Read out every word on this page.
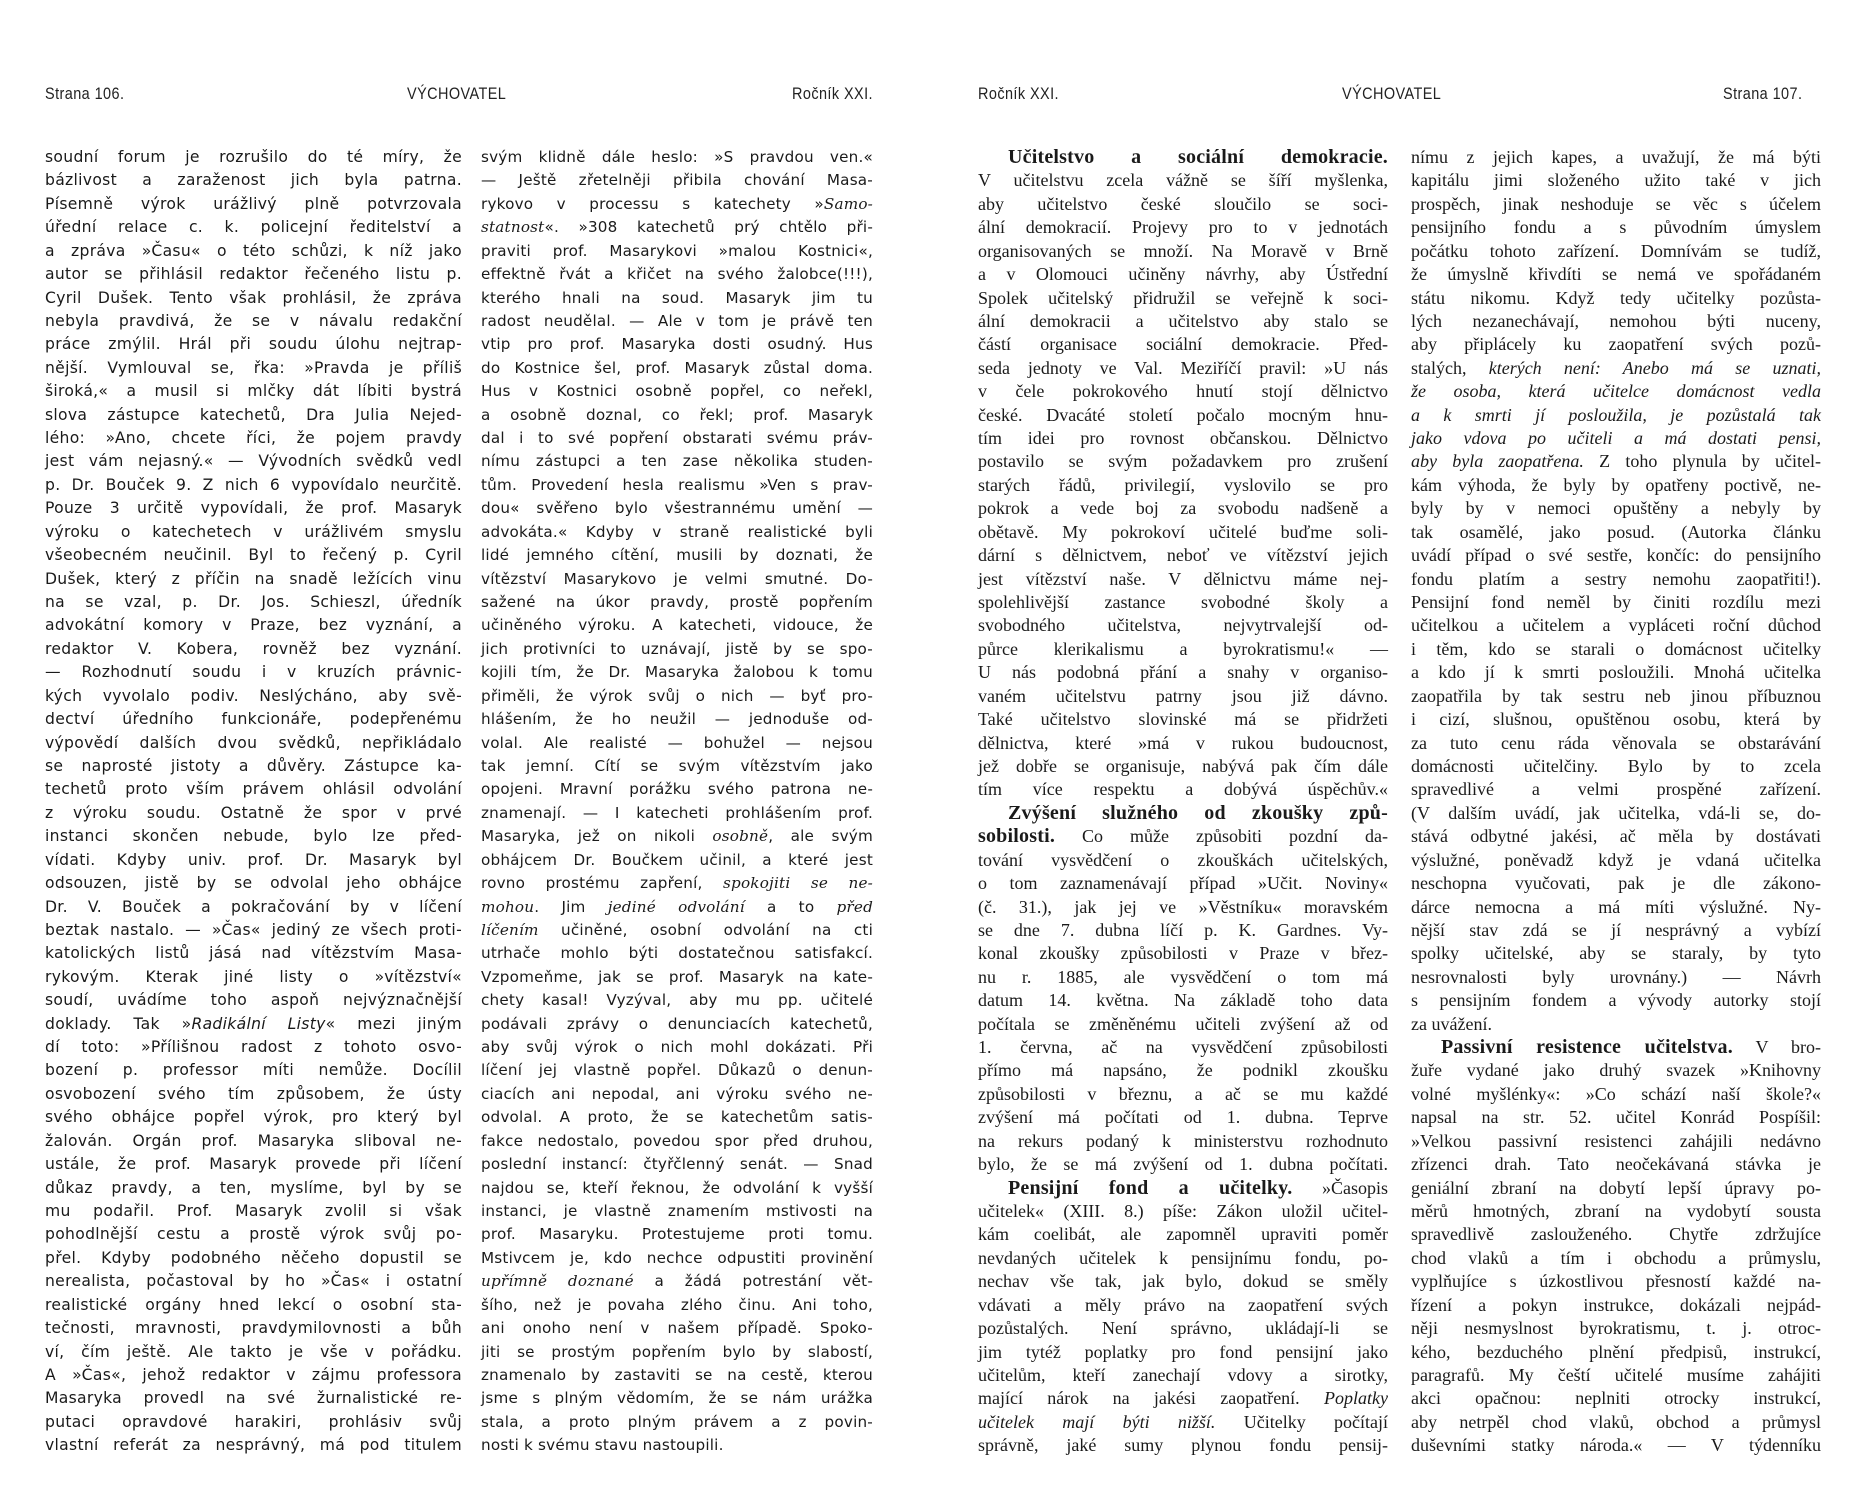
Strana 106.	VÝCHOVATEL	Ročník XXI.
soudní forum je rozrušilo do té míry, že
bázlivost a zaraženost jich byla patrna.
Písemně výrok urážlivý plně potvrzovala
úřední relace c. k. policejní ředitelství a
a zpráva »Času« o této schůzi, k níž jako
autor se přihlásil redaktor řečeného listu p.
Cyril Dušek. Tento však prohlásil, že zpráva
nebyla pravdivá, že se v návalu redakční
práce zmýlil. Hrál při soudu úlohu nejtrap-
nější. Vymlouval se, řka: »Pravda je příliš
široká,« a musil si mlčky dát líbiti bystrá
slova zástupce katechetů, Dra Julia Nejed-
lého: »Ano, chcete říci, že pojem pravdy
jest vám nejasný.« — Vývodních svědků vedl
p. Dr. Bouček 9. Z nich 6 vypovídalo neurčitě.
Pouze 3 určitě vypovídali, že prof. Masaryk
výroku o katechetech v urážlivém smyslu
všeobecném neučinil. Byl to řečený p. Cyril
Dušek, který z příčin na snadě ležících vinu
na se vzal, p. Dr. Jos. Schieszl, úředník
advokátní komory v Praze, bez vyznání, a
redaktor V. Kobera, rovněž bez vyznání.
— Rozhodnutí soudu i v kruzích právnic-
kých vyvolalo podiv. Neslýcháno, aby svě-
dectví úředního funkcionáře, podepřenému
výpovědí dalších dvou svědků, nepřikládalo
se naprosté jistoty a důvěry. Zástupce ka-
techetů proto vším právem ohlásil odvolání
z výroku soudu. Ostatně že spor v prvé
instanci skončen nebude, bylo lze před-
vídati. Kdyby univ. prof. Dr. Masaryk byl
odsouzen, jistě by se odvolal jeho obhájce
Dr. V. Bouček a pokračování by v líčení
beztak nastalo. — »Čas« jediný ze všech proti-
katolických listů jásá nad vítězstvím Masa-
rykovým. Kterak jiné listy o »vítězství«
soudí, uvádíme toho aspoň nejvýznačnější
doklady. Tak »Radikální Listy« mezi jiným
dí toto: »Přílišnou radost z tohoto osvo-
bození p. professor míti nemůže. Docílil
osvobození svého tím způsobem, že ústy
svého obhájce popřel výrok, pro který byl
žalován. Orgán prof. Masaryka sliboval ne-
ustále, že prof. Masaryk provede při líčení
důkaz pravdy, a ten, myslíme, byl by se
mu podařil. Prof. Masaryk zvolil si však
pohodlnější cestu a prostě výrok svůj po-
přel. Kdyby podobného něčeho dopustil se
nerealista, počastoval by ho »Čas« i ostatní
realistické orgány hned lekcí o osobní sta-
tečnosti, mravnosti, pravdymilovnosti a bůh
ví, čím ještě. Ale takto je vše v pořádku.
A »Čas«, jehož redaktor v zájmu professora
Masaryka provedl na své žurnalistické re-
putaci opravdové harakiri, prohlásiv svůj
vlastní referát za nesprávný, má pod titulem
svým klidně dále heslo: »S pravdou ven.«
— Ještě zřetelněji přibila chování Masa-
rykovo v processu s katechety »Samo-
statnost«. »308 katechetů prý chtělo při-
praviti prof. Masarykovi »malou Kostnici«,
effektně řvát a křičet na svého žalobce(!!!),
kterého hnali na soud. Masaryk jim tu
radost neudělal. — Ale v tom je právě ten
vtip pro prof. Masaryka dosti osudný. Hus
do Kostnice šel, prof. Masaryk zůstal doma.
Hus v Kostnici osobně popřel, co neřekl,
a osobně doznal, co řekl; prof. Masaryk
dal i to své popření obstarati svému práv-
nímu zástupci a ten zase několika studen-
tům. Provedení hesla realismu »Ven s prav-
dou« svěřeno bylo všestrannému umění —
advokáta.« Kdyby v straně realistické byli
lidé jemného cítění, musili by doznati, že
vítězství Masarykovo je velmi smutné. Do-
sažené na úkor pravdy, prostě popřením
učiněného výroku. A katecheti, vidouce, že
jich protivníci to uznávají, jistě by se spo-
kojili tím, že Dr. Masaryka žalobou k tomu
přiměli, že výrok svůj o nich — byť pro-
hlášením, že ho neužil — jednoduše od-
volal. Ale realisté — bohužel — nejsou
tak jemní. Cítí se svým vítězstvím jako
opojeni. Mravní porážku svého patrona ne-
znamenají. — I katecheti prohlášením prof.
Masaryka, jež on nikoli osobně, ale svým
obhájcem Dr. Boučkem učinil, a které jest
rovno prostému zapření, spokojiti se ne-
mohou. Jim jediné odvolání a to před
líčením učiněné, osobní odvolání na cti
utrhače mohlo býti dostatečnou satisfakcí.
Vzpomeňme, jak se prof. Masaryk na kate-
chety kasal! Vyzýval, aby mu pp. učitelé
podávali zprávy o denunciacích katechetů,
aby svůj výrok o nich mohl dokázati. Při
líčení jej vlastně popřel. Důkazů o denun-
ciacích ani nepodal, ani výroku svého ne-
odvolal. A proto, že se katechetům satis-
fakce nedostalo, povedou spor před druhou,
poslední instancí: čtyřčlenný senát. — Snad
najdou se, kteří řeknou, že odvolání k vyšší
instanci, je vlastně znamením mstivosti na
prof. Masaryku. Protestujeme proti tomu.
Mstivcem je, kdo nechce odpustiti provinění
upřímně doznané a žádá potrestání vět-
šího, než je povaha zlého činu. Ani toho,
ani onoho není v našem případě. Spoko-
jiti se prostým popřením bylo by slabostí,
znamenalo by zastaviti se na cestě, kterou
jsme s plným vědomím, že se nám urážka
stala, a proto plným právem a z povin-
nosti k svému stavu nastoupili.
Ročník XXI.	VÝCHOVATEL	Strana 107.
Učitelstvo a sociální demokracie.
V učitelstvu zcela vážně se šíří myšlenka,
aby učitelstvo české sloučilo se soci-
ální demokracií. Projevy pro to v jednotách
organisovaných se množí. Na Moravě v Brně
a v Olomouci učiněny návrhy, aby Ústřední
Spolek učitelský přidružil se veřejně k soci-
ální demokracii a učitelstvo aby stalo se
částí organisace sociální demokracie. Před-
seda jednoty ve Val. Meziříčí pravil: »U nás
v čele pokrokového hnutí stojí dělnictvo
české. Dvacáté století počalo mocným hnu-
tím idei pro rovnost občanskou. Dělnictvo
postavilo se svým požadavkem pro zrušení
starých řádů, privilegií, vyslovilo se pro
pokrok a vede boj za svobodu nadšeně a
obětavě. My pokrokoví učitelé buďme soli-
dární s dělnictvem, neboť ve vítězství jejich
jest vítězství naše. V dělnictvu máme nej-
spolehlivější zastance svobodné školy a
svobodného učitelstva, nejvytrvalejší od-
půrce klerikalismu a byrokratismu!« —
U nás podobná přání a snahy v organiso-
vaném učitelstvu patrny jsou již dávno.
Také učitelstvo slovinské má se přidržeti
dělnictva, které »má v rukou budoucnost,
jež dobře se organisuje, nabývá pak čím dále
tím více respektu a dobývá úspěchův.«
Zvýšení služného od zkoušky způ-
sobilosti. Co může způsobiti pozdní da-
tování vysvědčení o zkouškách učitelských,
o tom zaznamenávají případ »Učit. Noviny«
(č. 31.), jak jej ve »Věstníku« moravském
se dne 7. dubna líčí p. K. Gardnes. Vy-
konal zkoušky způsobilosti v Praze v břez-
nu r. 1885, ale vysvědčení o tom má
datum 14. května. Na základě toho data
počítala se změněnému učiteli zvýšení až od
1. června, ač na vysvědčení způsobilosti
přímo má napsáno, že podnikl zkoušku
způsobilosti v březnu, a ač se mu každé
zvýšení má počítati od 1. dubna. Teprve
na rekurs podaný k ministerstvu rozhodnuto
bylo, že se má zvýšení od 1. dubna počítati.
Pensijní fond a učitelky. »Časopis
učitelek« (XIII. 8.) píše: Zákon uložil učitel-
kám coelibát, ale zapomněl upraviti poměr
nevdaných učitelek k pensijnímu fondu, po-
nechav vše tak, jak bylo, dokud se směly
vdávati a měly právo na zaopatření svých
pozůstalých. Není správno, ukládají-li se
jim tytéž poplatky pro fond pensijní jako
učitelům, kteří zanechají vdovy a sirotky,
mající nárok na jakési zaopatření. Poplatky
učitelek mají býti nižší. Učitelky počítají
správně, jaké sumy plynou fondu pensij-
nímu z jejich kapes, a uvažují, že má býti
kapitálu jimi složeného užito také v jich
prospěch, jinak neshoduje se věc s účelem
pensijního fondu a s původním úmyslem
počátku tohoto zařízení. Domnívám se tudíž,
že úmyslně křivdíti se nemá ve spořádaném
státu nikomu. Když tedy učitelky pozůsta-
lých nezanechávají, nemohou býti nuceny,
aby připlácely ku zaopatření svých pozů-
stalých, kterých není: Anebo má se uznati,
že osoba, která učitelce domácnost vedla
a k smrti jí posloužila, je pozůstalá tak
jako vdova po učiteli a má dostati pensi,
aby byla zaopatřena. Z toho plynula by učitel-
kám výhoda, že byly by opatřeny poctivě, ne-
byly by v nemoci opuštěny a nebyly by
tak osamělé, jako posud. (Autorka článku
uvádí případ o své sestře, končíc: do pensijního
fondu platím a sestry nemohu zaopatřiti!).
Pensijní fond neměl by činiti rozdílu mezi
učitelkou a učitelem a vypláceti roční důchod
i těm, kdo se starali o domácnost učitelky
a kdo jí k smrti posloužili. Mnohá učitelka
zaopatřila by tak sestru neb jinou příbuznou
i cizí, slušnou, opuštěnou osobu, která by
za tuto cenu ráda věnovala se obstarávání
domácnosti učitelčiny. Bylo by to zcela
spravedlivé a velmi prospěné zařízení.
(V dalším uvádí, jak učitelka, vdá-li se, do-
stává odbytné jakési, ač měla by dostávati
výslužné, poněvadž když je vdaná učitelka
neschopna vyučovati, pak je dle zákono-
dárce nemocna a má míti výslužné. Ny-
nější stav zdá se jí nesprávný a vybízí
spolky učitelské, aby se staraly, by tyto
nesrovnalosti byly urovnány.) — Návrh
s pensijním fondem a vývody autorky stojí
za uvážení.
Passivní resistence učitelstva. V bro-
žuře vydané jako druhý svazek »Knihovny
volné myšlénky«: »Co schází naší škole?«
napsal na str. 52. učitel Konrád Pospíšil:
»Velkou passivní resistenci zahájili nedávno
zřízenci drah. Tato neočekávaná stávka je
geniální zbraní na dobytí lepší úpravy po-
měrů hmotných, zbraní na vydobytí sousta
spravedlivě zaslouženého. Chytře zdržujíce
chod vlaků a tím i obchodu a průmyslu,
vyplňujíce s úzkostlivou přesností každé na-
řízení a pokyn instrukce, dokázali nejpád-
něji nesmyslnost byrokratismu, t. j. otroc-
kého, bezduchého plnění předpisů, instrukcí,
paragrafů. My čeští učitelé musíme zahájiti
akci opačnou: neplniti otrocky instrukcí,
aby netrpěl chod vlaků, obchod a průmysl
duševními statky národa.« — V týdenníku
